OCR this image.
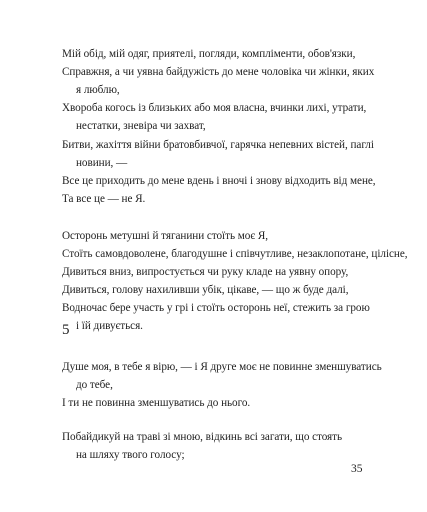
Мій обід, мій одяг, приятелі, погляди, компліменти, обов'язки,
Справжня, а чи уявна байдужість до мене чоловіка чи жінки, яких
я люблю,
Хвороба когось із близьких або моя власна, вчинки лихі, утрати,
нестатки, зневіра чи захват,
Битви, жахіття війни братовбивчої, гарячка непевних вістей, паглі
новини, —
Все це приходить до мене вдень і вночі і знову відходить від мене,
Та все це — не Я.
Осторонь метушні й тяганини стоїть моє Я,
Стоїть самовдоволене, благодушне і співчутливе, незаклопотане, цілісне,
Дивиться вниз, випростується чи руку кладе на уявну опору,
Дивиться, голову нахиливши убік, цікаве, — що ж буде далі,
Водночас бере участь у грі і стоїть осторонь неї, стежить за грою
і їй дивується.
5
Душе моя, в тебе я вірю, — і Я друге моє не повинне зменшуватись
до тебе,
І ти не повинна зменшуватись до нього.
Побайдикуй на траві зі мною, відкинь всі загати, що стоять
на шляху твого голосу;
35
